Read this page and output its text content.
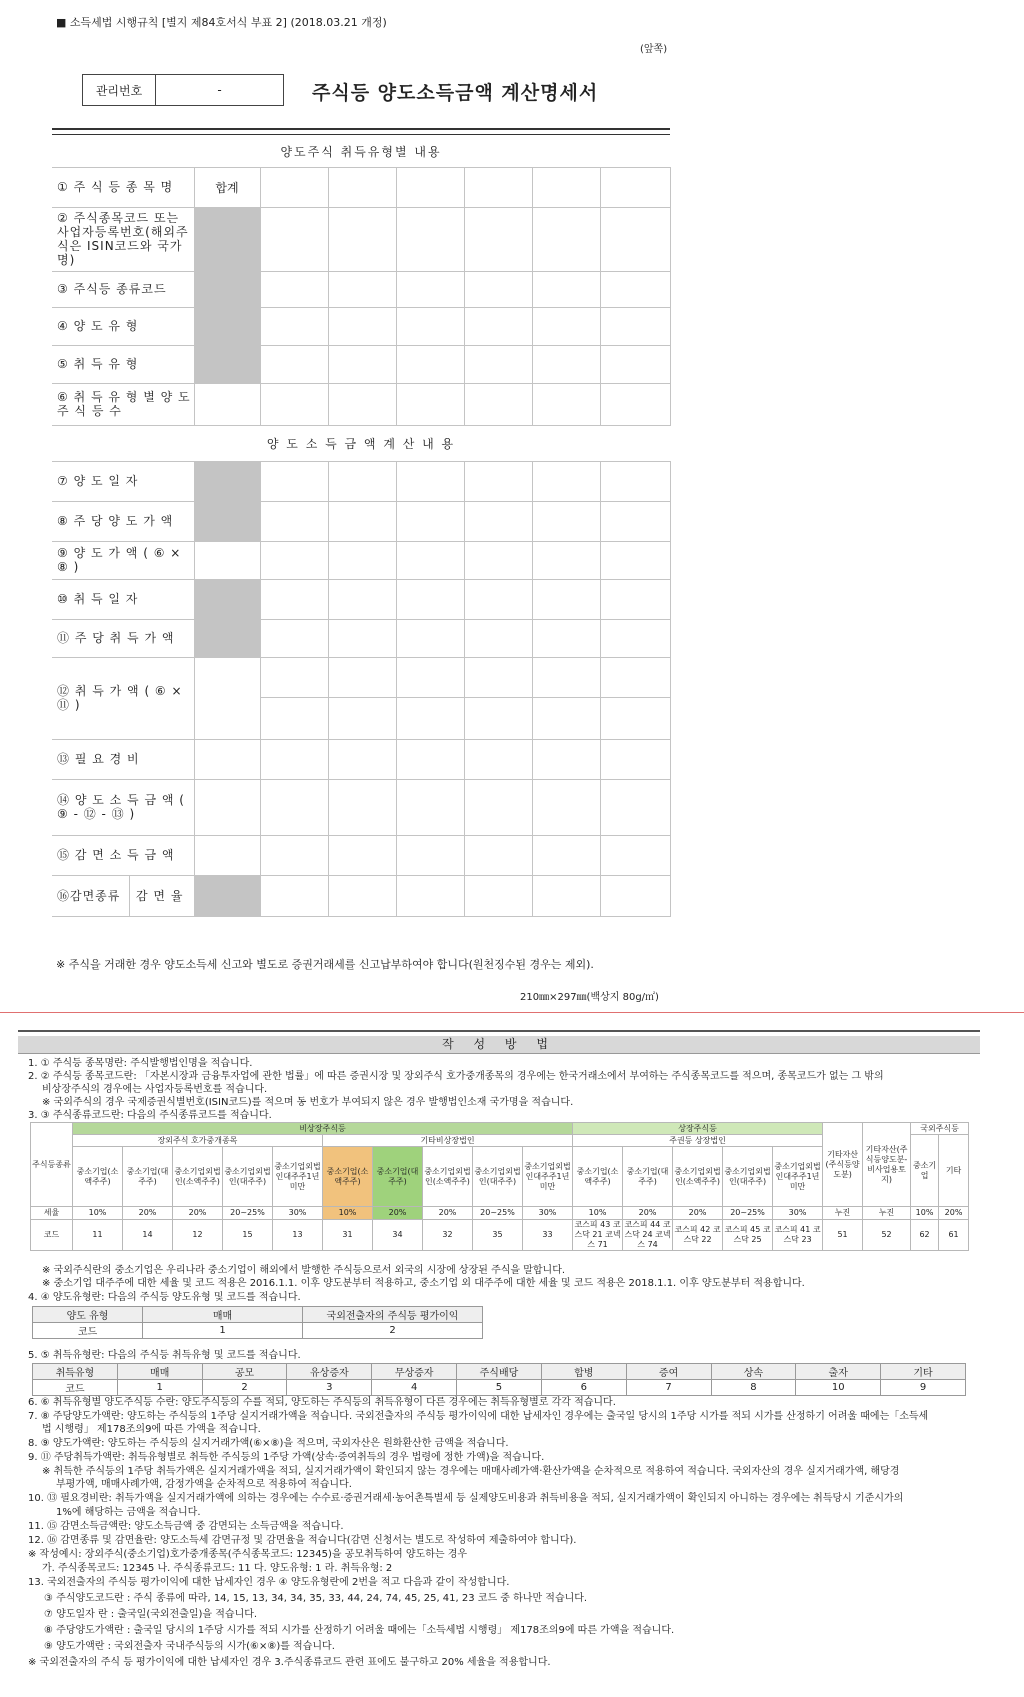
■ 소득세법 시행규칙 [별지 제84호서식 부표 2] (2018.03.21 개정)
(앞쪽)
관리번호	-	주식등 양도소득금액 계산명세서
양도주식 취득유형별 내용							
① 주 식 등 종 목 명	합계						
② 주식종목코드 또는 사업자등록번호(해외주식은 ISIN코드와 국가명)							
③ 주식등 종류코드							
④ 양 도 유 형							
⑤ 취 득 유 형							
⑥ 취 득 유 형 별 양 도 주 식 등 수							
양 도 소 득 금 액 계 산 내 용							
⑦ 양 도 일 자							
⑧ 주 당 양 도 가 액							
⑨ 양 도 가 액 ( ⑥ × ⑧ )							
⑩ 취 득 일 자							
⑪ 주 당 취 득 가 액							
⑫ 취 득 가 액 ( ⑥ × ⑪ )							

⑬ 필 요 경 비							
⑭ 양 도 소 득 금 액 ( ⑨ - ⑫ - ⑬ )							
⑮ 감 면 소 득 금 액							

⑯감면종류 감 면 율							

※ 주식을 거래한 경우 양도소득세 신고와 별도로 증권거래세를 신고납부하여야 합니다(원천징수된 경우는 제외).
210㎜×297㎜(백상지 80g/㎡)
작 성 방 법
1. ① 주식등 종목명란: 주식발행법인명을 적습니다.
2. ② 주식등 종목코드란: 「자본시장과 금융투자업에 관한 법률」에 따른 증권시장 및 장외주식 호가중개종목의 경우에는 한국거래소에서 부여하는 주식종목코드를 적으며, 종목코드가 없는 그 밖의
비상장주식의 경우에는 사업자등록번호를 적습니다.
※ 국외주식의 경우 국제증권식별번호(ISIN코드)를 적으며 동 번호가 부여되지 않은 경우 발행법인소재 국가명을 적습니다.
3. ③ 주식종류코드란: 다음의 주식종류코드를 적습니다.
주식등종류	비상장주식등										상장주식등					기타자산(주식등양도분)	기타자산(주식등양도분-비사업용토지)	국외주식등	
	장외주식 호가중개종목					기타비상장법인					주권등 상장법인							중소기업	기타
	중소기업(소액주주)	중소기업(대주주)	중소기업외법인(소액주주)	중소기업외법인(대주주)	중소기업외법인대주주1년 미만	중소기업(소액주주)	중소기업(대주주)	중소기업외법인(소액주주)	중소기업외법인(대주주)	중소기업외법인대주주1년 미만	중소기업(소액주주)	중소기업(대주주)	중소기업외법인(소액주주)	중소기업외법인(대주주)	중소기업외법인대주주1년 미만				
세율	10%	20%	20%	20~25%	30%	10%	20%	20%	20~25%	30%	10%	20%	20%	20~25%	30%	누진	누진	10%	20%
코드	11	14	12	15	13	31	34	32	35	33	코스피 43 코스닥 21 코넥스 71	코스피 44 코스닥 24 코넥스 74	코스피 42 코스닥 22	코스피 45 코스닥 25	코스피 41 코스닥 23	51	52	62	61
※ 국외주식란의 중소기업은 우리나라 중소기업이 해외에서 발행한 주식등으로서 외국의 시장에 상장된 주식을 말합니다.
※ 중소기업 대주주에 대한 세율 및 코드 적용은 2016.1.1. 이후 양도분부터 적용하고, 중소기업 외 대주주에 대한 세율 및 코드 적용은 2018.1.1. 이후 양도분부터 적용합니다.
4. ④ 양도유형란: 다음의 주식등 양도유형 및 코드를 적습니다.
양도 유형	매매	국외전출자의 주식등 평가이익
코드	1	2
5. ⑤ 취득유형란: 다음의 주식등 취득유형 및 코드를 적습니다.
취득유형	매매	공모	유상증자	무상증자	주식배당	합병	증여	상속	출자	기타
코드	1	2	3	4	5	6	7	8	10	9
6. ⑥ 취득유형별 양도주식등 수란: 양도주식등의 수를 적되, 양도하는 주식등의 취득유형이 다른 경우에는 취득유형별로 각각 적습니다.
7. ⑧ 주당양도가액란: 양도하는 주식등의 1주당 실지거래가액을 적습니다. 국외전출자의 주식등 평가이익에 대한 납세자인 경우에는 출국일 당시의 1주당 시가를 적되 시가를 산정하기 어려울 때에는「소득세
법 시행령」 제178조의9에 따른 가액을 적습니다.
8. ⑨ 양도가액란: 양도하는 주식등의 실지거래가액(⑥×⑧)을 적으며, 국외자산은 원화환산한 금액을 적습니다.
9. ⑪ 주당취득가액란: 취득유형별로 취득한 주식등의 1주당 가액(상속·증여취득의 경우 법령에 정한 가액)을 적습니다.
※ 취득한 주식등의 1주당 취득가액은 실지거래가액을 적되, 실지거래가액이 확인되지 않는 경우에는 매매사례가액·환산가액을 순차적으로 적용하여 적습니다. 국외자산의 경우 실지거래가액, 해당경
부평가액, 매매사례가액, 감정가액을 순차적으로 적용하여 적습니다.
10. ⑬ 필요경비란: 취득가액을 실지거래가액에 의하는 경우에는 수수료·증권거래세·농어촌특별세 등 실제양도비용과 취득비용을 적되, 실지거래가액이 확인되지 아니하는 경우에는 취득당시 기준시가의
1%에 해당하는 금액을 적습니다.
11. ⑮ 감면소득금액란: 양도소득금액 중 감면되는 소득금액을 적습니다.
12. ⑯ 감면종류 및 감면율란: 양도소득세 감면규정 및 감면율을 적습니다(감면 신청서는 별도로 작성하여 제출하여야 합니다).
※ 작성예시: 장외주식(중소기업)호가중개종목(주식종목코드: 12345)을 공모취득하여 양도하는 경우
가. 주식종목코드: 12345 나. 주식종류코드: 11 다. 양도유형: 1 라. 취득유형: 2
13. 국외전출자의 주식등 평가이익에 대한 납세자인 경우 ④ 양도유형란에 2번을 적고 다음과 같이 작성합니다.
③ 주식양도코드란 : 주식 종류에 따라, 14, 15, 13, 34, 34, 35, 33, 44, 24, 74, 45, 25, 41, 23 코드 중 하나만 적습니다.
⑦ 양도일자 란 : 출국일(국외전출일)을 적습니다.
⑧ 주당양도가액란 : 출국일 당시의 1주당 시가를 적되 시가를 산정하기 어려울 때에는「소득세법 시행령」 제178조의9에 따른 가액을 적습니다.
⑨ 양도가액란 : 국외전출자 국내주식등의 시가(⑥×⑧)를 적습니다.
※ 국외전출자의 주식 등 평가이익에 대한 납세자인 경우 3.주식종류코드 관련 표에도 불구하고 20% 세율을 적용합니다.
